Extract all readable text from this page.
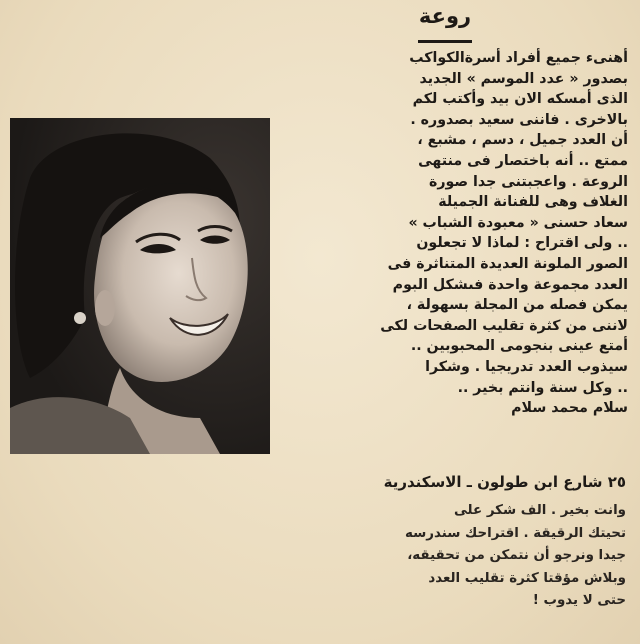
روعة
أهنىء جميع أفراد أسرةالكواكب
بصدور « عدد الموسم » الجديد
الذى أمسكه الان بيد وأكتب لكم
بالاخرى . فاننى سعيد بصدوره .
أن العدد جميل ، دسم ، مشبع ،
ممتع .. أنه باختصار فى منتهى
الروعة . واعجبتنى جدا صورة
الغلاف وهى للفنانة الجميلة
سعاد حسنى « معبودة الشباب »
.. ولى اقتراح : لماذا لا تجعلون
الصور الملونة العديدة المتناثرة فى
العدد مجموعة واحدة فىشكل البوم
يمكن فصله من المجلة بسهولة ،
لاننى من كثرة تقليب الصفحات لكى
أمتع عينى بنجومى المحبوبين ..
سيذوب العدد تدريجيا . وشكرا
.. وكل سنة وانتم بخير ..
سلام محمد سلام
٢٥ شارع ابن طولون ـ الاسكندرية
وانت بخير . الف شكر على
تحيتك الرقيقة . اقتراحك سندرسه
جيدا ونرجو أن نتمكن من تحقيقه،
وبلاش مؤقتا كثرة تقليب العدد
حتى لا يدوب !
